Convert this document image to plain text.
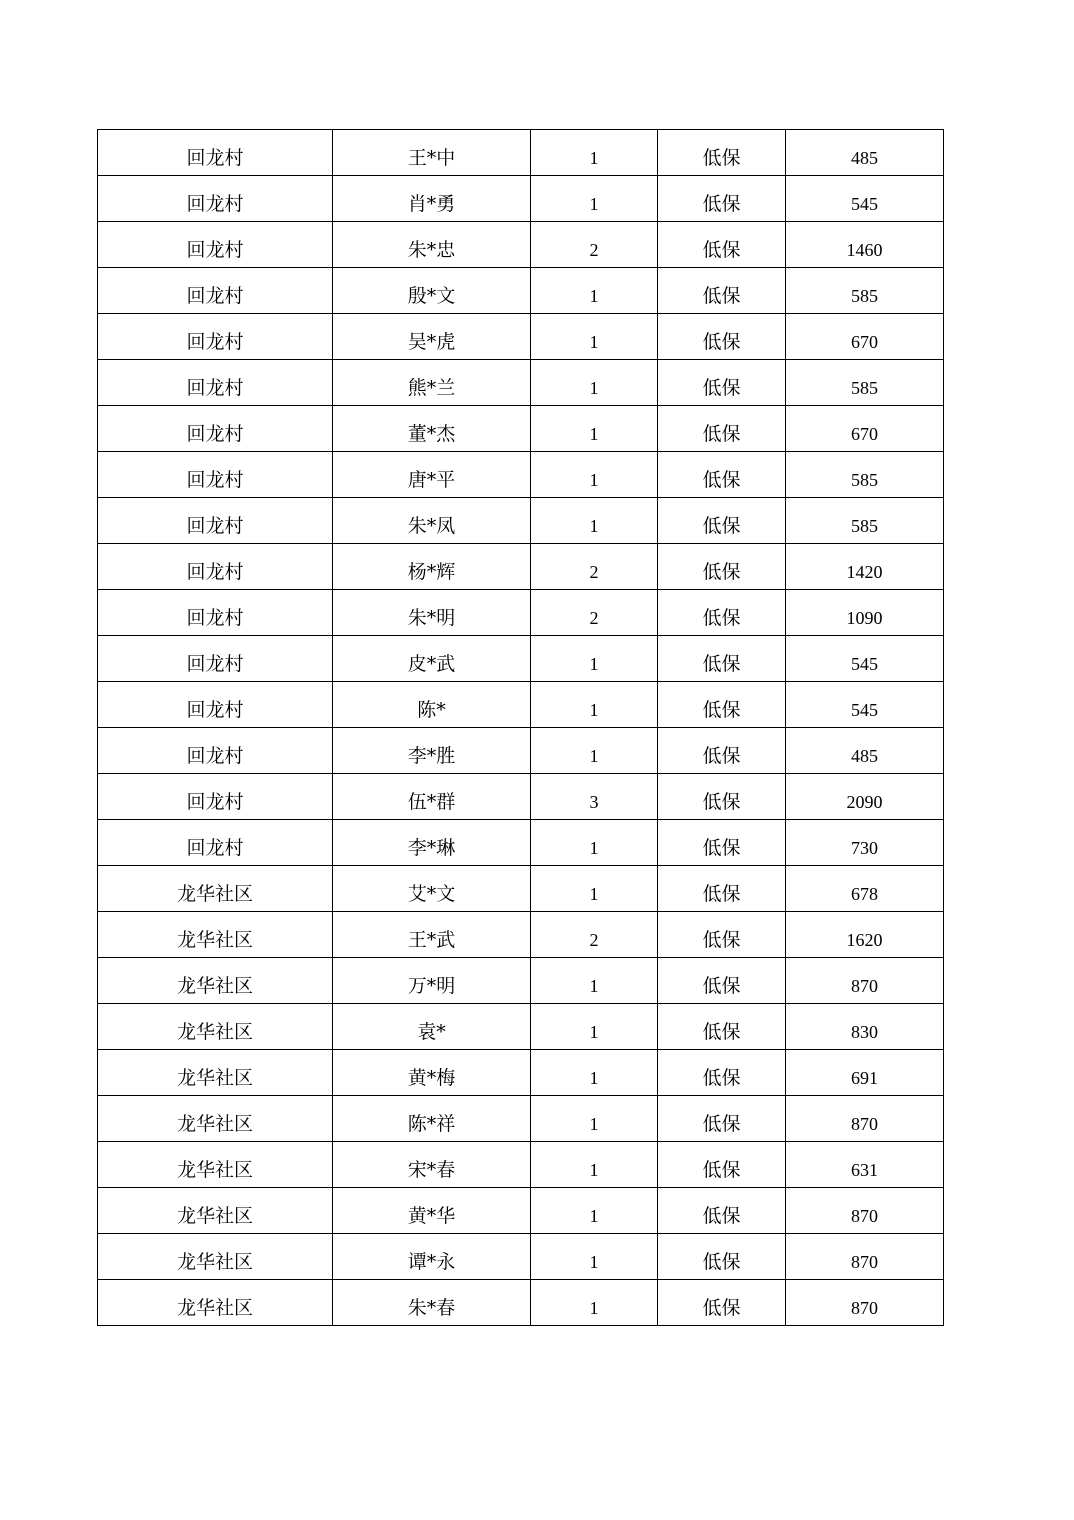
回龙村	王*中	1	低保	485
回龙村	肖*勇	1	低保	545
回龙村	朱*忠	2	低保	1460
回龙村	殷*文	1	低保	585
回龙村	吴*虎	1	低保	670
回龙村	熊*兰	1	低保	585
回龙村	董*杰	1	低保	670
回龙村	唐*平	1	低保	585
回龙村	朱*凤	1	低保	585
回龙村	杨*辉	2	低保	1420
回龙村	朱*明	2	低保	1090
回龙村	皮*武	1	低保	545
回龙村	陈*	1	低保	545
回龙村	李*胜	1	低保	485
回龙村	伍*群	3	低保	2090
回龙村	李*琳	1	低保	730
龙华社区	艾*文	1	低保	678
龙华社区	王*武	2	低保	1620
龙华社区	万*明	1	低保	870
龙华社区	袁*	1	低保	830
龙华社区	黄*梅	1	低保	691
龙华社区	陈*祥	1	低保	870
龙华社区	宋*春	1	低保	631
龙华社区	黄*华	1	低保	870
龙华社区	谭*永	1	低保	870
龙华社区	朱*春	1	低保	870
